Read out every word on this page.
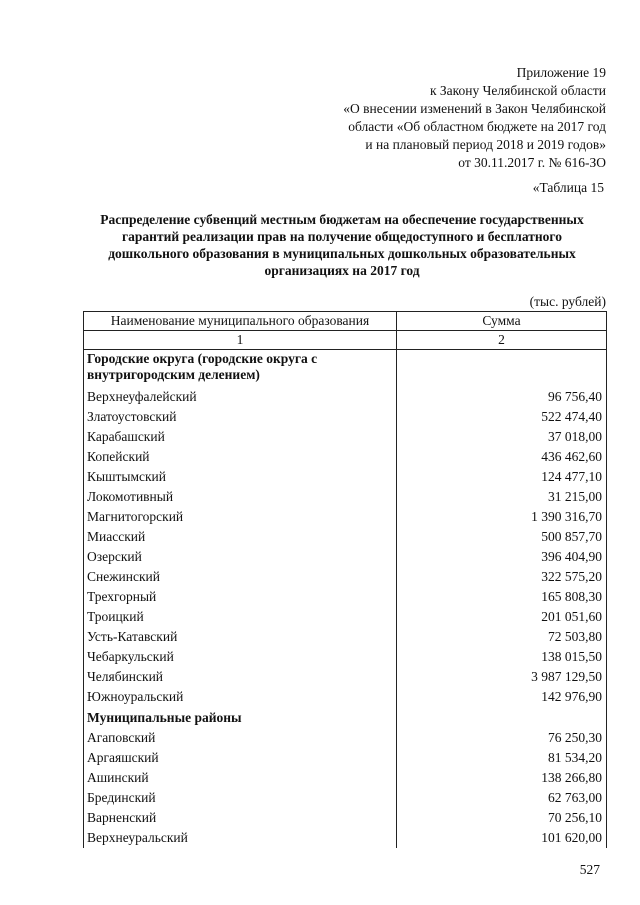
Приложение 19
к Закону Челябинской области
«О внесении изменений в Закон Челябинской
области «Об областном бюджете на 2017 год
и на плановый период 2018 и 2019 годов»
от 30.11.2017 г. № 616-ЗО
«Таблица 15
Распределение субвенций местным бюджетам на обеспечение государственных гарантий реализации прав на получение общедоступного и бесплатного дошкольного образования в муниципальных дошкольных образовательных организациях на 2017 год
(тыс. рублей)
Наименование муниципального образования	Сумма
1	2
Городские округа (городские округа с внутригородским делением)	
Верхнеуфалейский	96 756,40
Златоустовский	522 474,40
Карабашский	37 018,00
Копейский	436 462,60
Кыштымский	124 477,10
Локомотивный	31 215,00
Магнитогорский	1 390 316,70
Миасский	500 857,70
Озерский	396 404,90
Снежинский	322 575,20
Трехгорный	165 808,30
Троицкий	201 051,60
Усть-Катавский	72 503,80
Чебаркульский	138 015,50
Челябинский	3 987 129,50
Южноуральский	142 976,90
Муниципальные районы	
Агаповский	76 250,30
Аргаяшский	81 534,20
Ашинский	138 266,80
Брединский	62 763,00
Варненский	70 256,10
Верхнеуральский	101 620,00
527
